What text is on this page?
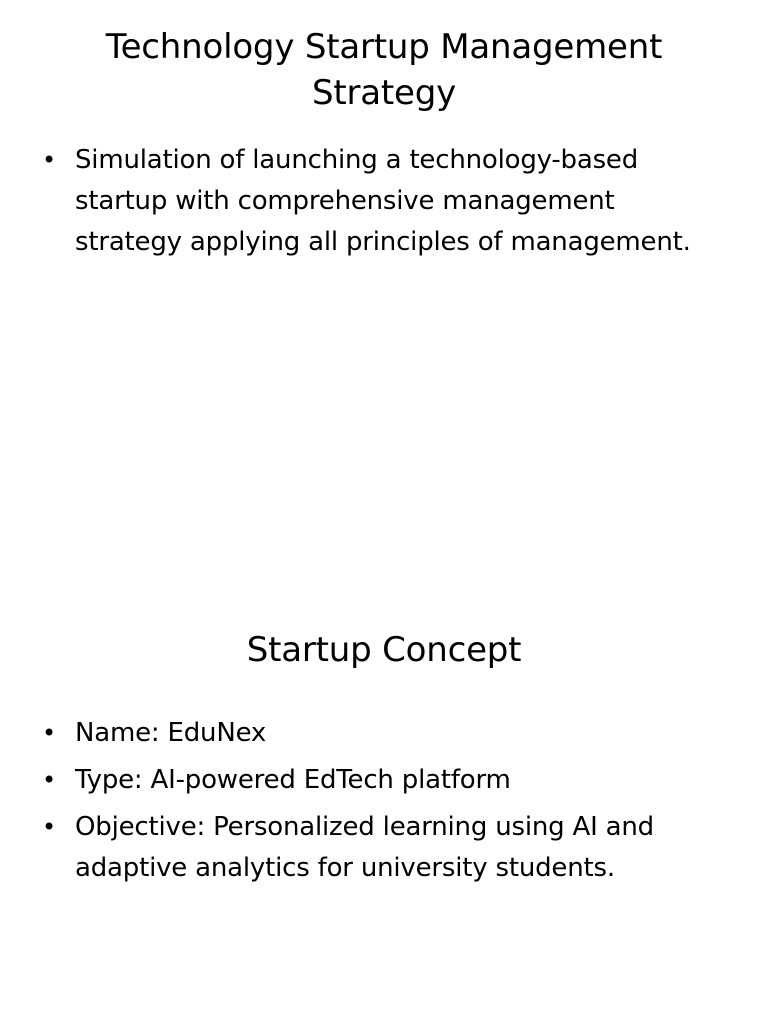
Technology Startup Management Strategy
• Simulation of launching a technology-based startup with comprehensive management strategy applying all principles of management.
Startup Concept
• Name: EduNex
• Type: AI-powered EdTech platform
• Objective: Personalized learning using AI and adaptive analytics for university students.
